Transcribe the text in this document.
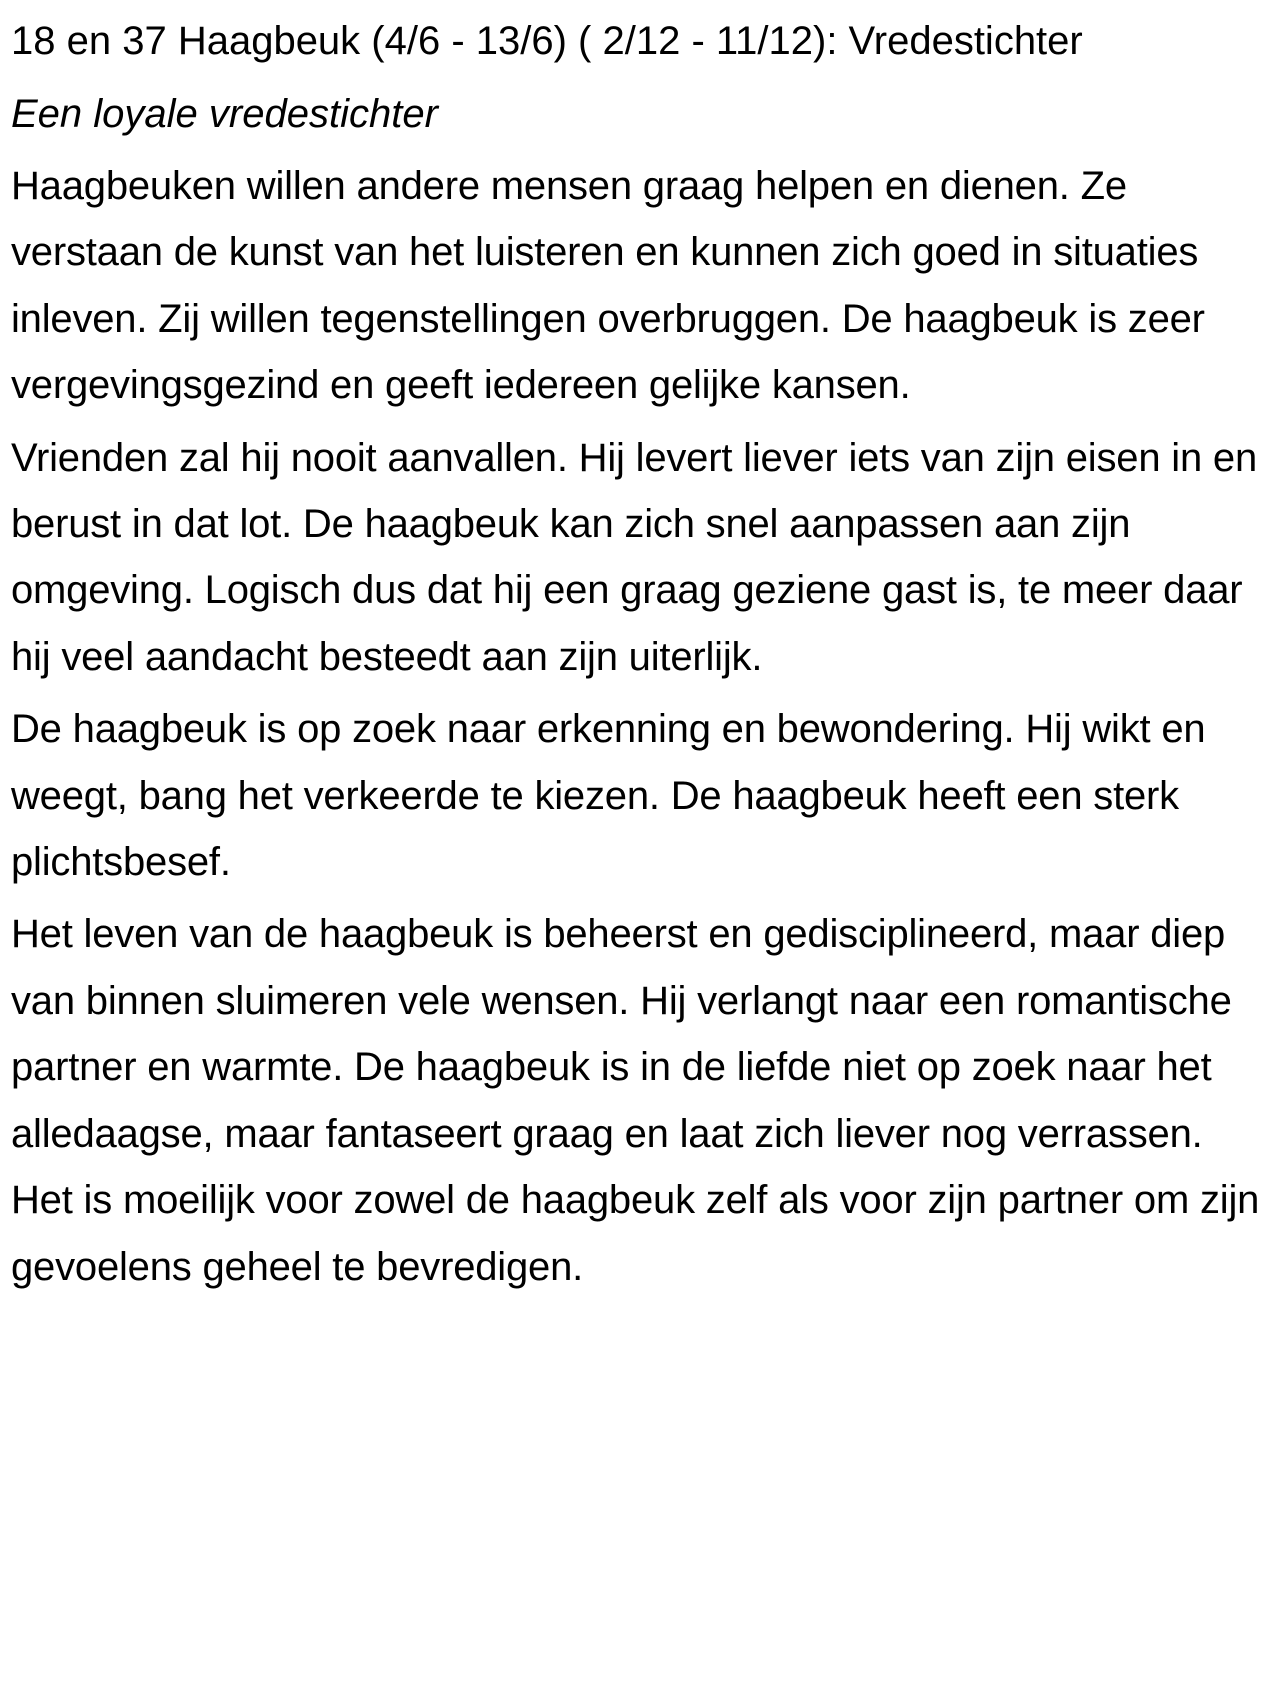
18 en 37 Haagbeuk (4/6 - 13/6) ( 2/12 - 11/12): Vredestichter
Een loyale vredestichter

Haagbeuken willen andere mensen graag helpen en dienen. Ze verstaan de kunst van het luisteren en kunnen zich goed in situaties inleven. Zij willen tegenstellingen overbruggen. De haagbeuk is zeer vergevingsgezind en geeft iedereen gelijke kansen.

Vrienden zal hij nooit aanvallen. Hij levert liever iets van zijn eisen in en berust in dat lot. De haagbeuk kan zich snel aanpassen aan zijn omgeving. Logisch dus dat hij een graag geziene gast is, te meer daar hij veel aandacht besteedt aan zijn uiterlijk.

De haagbeuk is op zoek naar erkenning en bewondering. Hij wikt en weegt, bang het verkeerde te kiezen. De haagbeuk heeft een sterk plichtsbesef.

Het leven van de haagbeuk is beheerst en gedisciplineerd, maar diep van binnen sluimeren vele wensen. Hij verlangt naar een romantische partner en warmte. De haagbeuk is in de liefde niet op zoek naar het alledaagse, maar fantaseert graag en laat zich liever nog verrassen. Het is moeilijk voor zowel de haagbeuk zelf als voor zijn partner om zijn gevoelens geheel te bevredigen.
